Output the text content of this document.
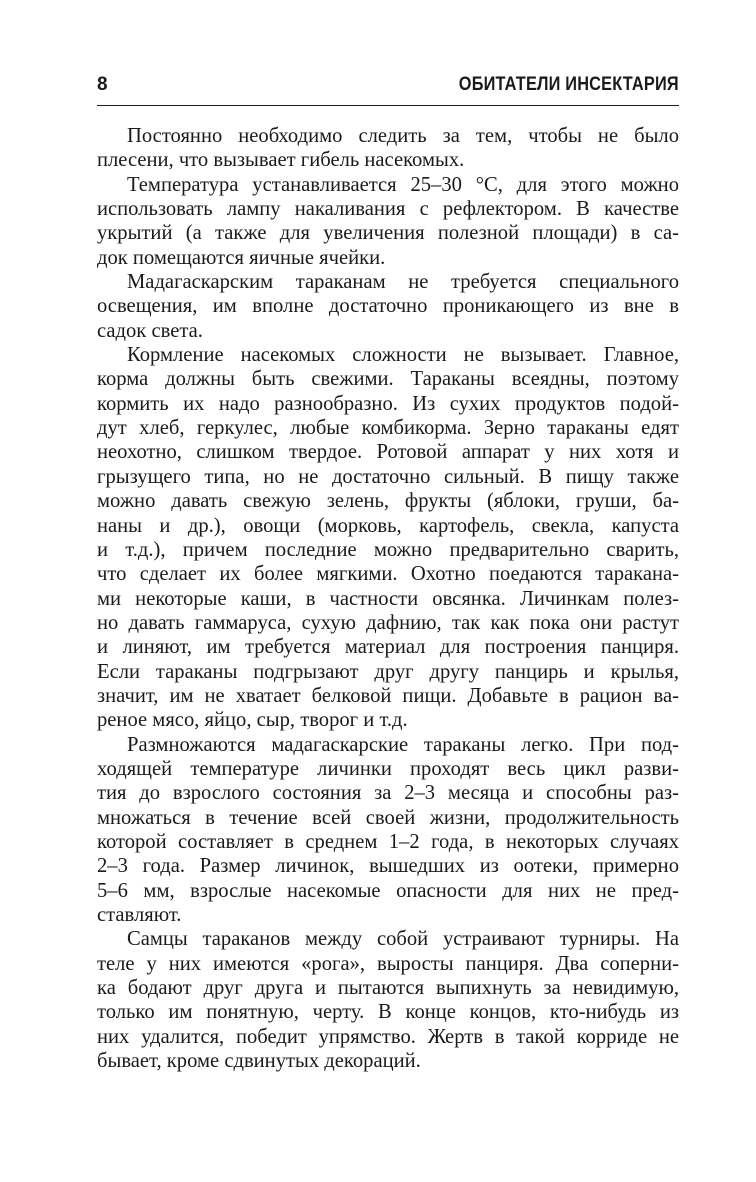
8	ОБИТАТЕЛИ ИНСЕКТАРИЯ
Постоянно необходимо следить за тем, чтобы не было
плесени, что вызывает гибель насекомых.
Температура устанавливается 25–30 °С, для этого можно
использовать лампу накаливания с рефлектором. В качестве
укрытий (а также для увеличения полезной площади) в са-
док помещаются яичные ячейки.
Мадагаскарским тараканам не требуется специального
освещения, им вполне достаточно проникающего из вне в
садок света.
Кормление насекомых сложности не вызывает. Главное,
корма должны быть свежими. Тараканы всеядны, поэтому
кормить их надо разнообразно. Из сухих продуктов подой-
дут хлеб, геркулес, любые комбикорма. Зерно тараканы едят
неохотно, слишком твердое. Ротовой аппарат у них хотя и
грызущего типа, но не достаточно сильный. В пищу также
можно давать свежую зелень, фрукты (яблоки, груши, ба-
наны и др.), овощи (морковь, картофель, свекла, капуста
и т.д.), причем последние можно предварительно сварить,
что сделает их более мягкими. Охотно поедаются тараканa-
ми некоторые каши, в частности овсянка. Личинкам полез-
но давать гаммаруса, сухую дафнию, так как пока они растут
и линяют, им требуется материал для построения панциря.
Если тараканы подгрызают друг другу панцирь и крылья,
значит, им не хватает белковой пищи. Добавьте в рацион ва-
реное мясо, яйцо, сыр, творог и т.д.
Размножаются мадагаскарские тараканы легко. При под-
ходящей температуре личинки проходят весь цикл разви-
тия до взрослого состояния за 2–3 месяца и способны раз-
множаться в течение всей своей жизни, продолжительность
которой составляет в среднем 1–2 года, в некоторых случаях
2–3 года. Размер личинок, вышедших из оотеки, примерно
5–6 мм, взрослые насекомые опасности для них не пред-
ставляют.
Самцы тараканов между собой устраивают турниры. На
теле у них имеются «рога», выросты панциря. Два соперни-
ка бодают друг друга и пытаются выпихнуть за невидимую,
только им понятную, черту. В конце концов, кто-нибудь из
них удалится, победит упрямство. Жертв в такой корриде не
бывает, кроме сдвинутых декораций.
